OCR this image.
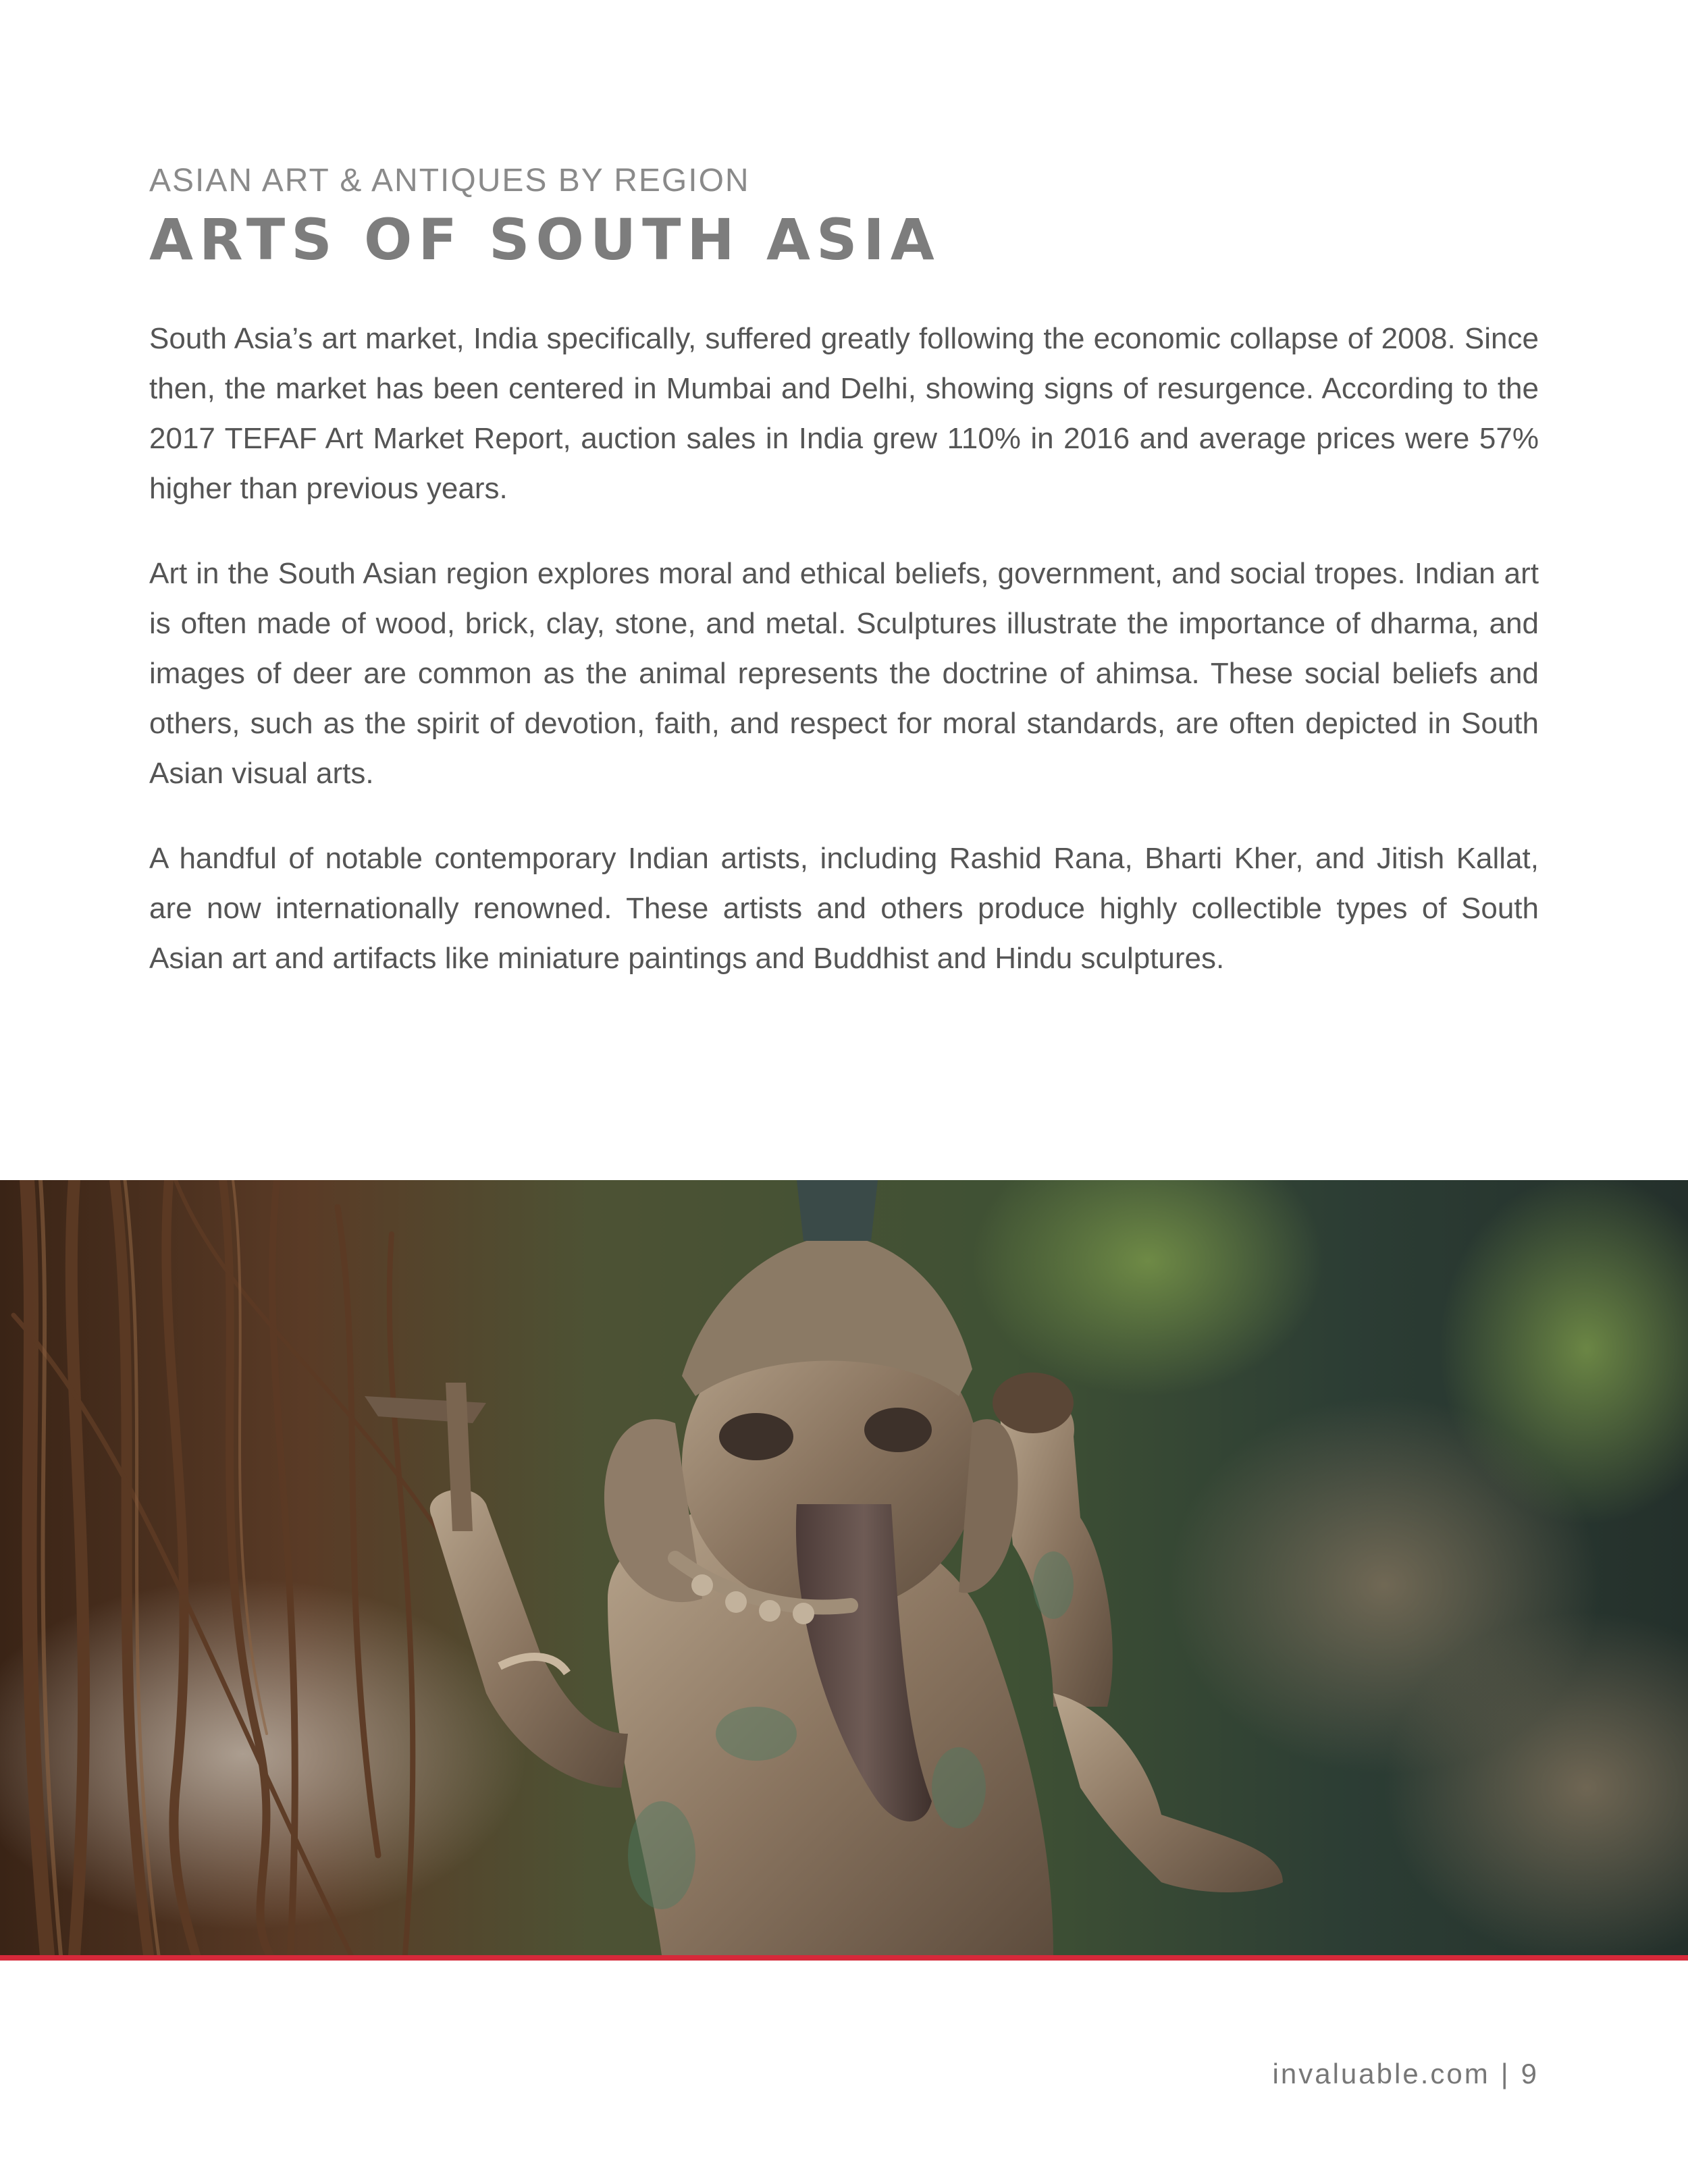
ASIAN ART & ANTIQUES BY REGION
ARTS OF SOUTH ASIA

South Asia’s art market, India specifically, suffered greatly following the economic collapse of 2008. Since then, the market has been centered in Mumbai and Delhi, showing signs of resurgence. According to the 2017 TEFAF Art Market Report, auction sales in India grew 110% in 2016 and average prices were 57% higher than previous years.

Art in the South Asian region explores moral and ethical beliefs, government, and social tropes. Indian art is often made of wood, brick, clay, stone, and metal. Sculptures illustrate the importance of dharma, and images of deer are common as the animal represents the doctrine of ahimsa. These social beliefs and others, such as the spirit of devotion, faith, and respect for moral standards, are often depicted in South Asian visual arts.

A handful of notable contemporary Indian artists, including Rashid Rana, Bharti Kher, and Jitish Kallat, are now internationally renowned. These artists and others produce highly collectible types of South Asian art and artifacts like miniature paintings and Buddhist and Hindu sculptures.

invaluable.com | 9
